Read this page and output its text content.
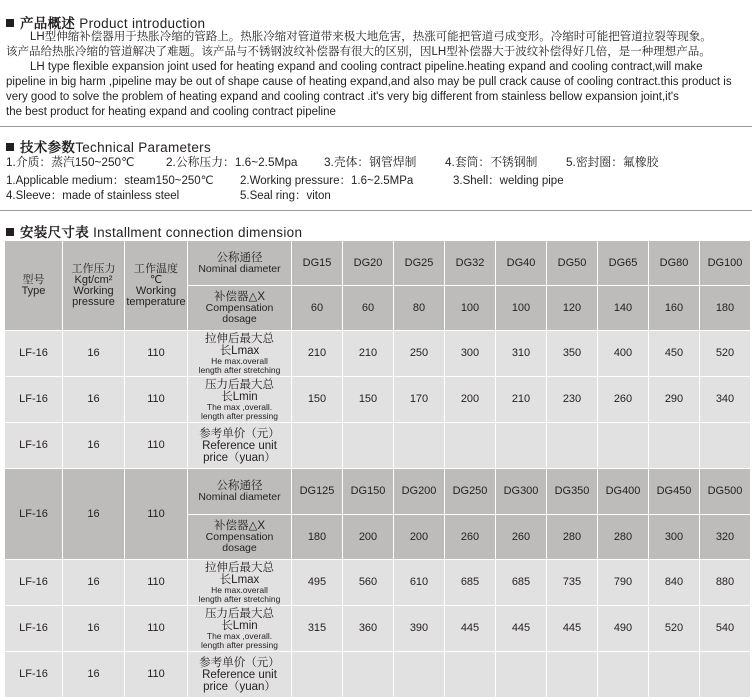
产品概述 Product introduction
LH型伸缩补偿器用于热胀冷缩的管路上。热胀冷缩对管道带来极大地危害，热涨可能把管道弓成变形。冷缩时可能把管道拉裂等现象。
该产品给热胀冷缩的管道解决了难题。该产品与不锈钢波纹补偿器有很大的区别，因LH型补偿器大于波纹补偿得好几倍，是一种理想产品。
LH type flexible expansion joint used for heating expand and cooling contract pipeline.heating expand and cooling contract,will make
pipeline in big harm ,pipeline may be out of shape cause of heating expand,and also may be pull crack cause of cooling contract.this product is
very good to solve the problem of heating expand and cooling contract .it's very big different from stainless bellow expansion joint,it's
the best product for heating expand and cooling contract pipeline
技术参数Technical Parameters
1.介质：蒸汽150~250℃	2.公称压力：1.6~2.5Mpa 3.壳体：钢管焊制 4.套筒：不锈钢制 5.密封圈：氟橡胶
1.Applicable medium：steam150~250℃ 2.Working pressure：1.6~2.5MPa	3.Shell：welding pipe
4.Sleeve：made of stainless steel	5.Seal ring：viton
安装尺寸表 Installment connection dimension
型号
Type	工作压力
Kgt/cm²
Working
pressure	工作温度
℃
Working
temperature	公称通径
Nominal diameter	DG15	DG20	DG25	DG32	DG40	DG50	DG65	DG80	DG100

			补偿器△X
Compensation
dosage	60	60	80	100	100	120	140	160	180
LF-16	16	110	拉伸后最大总
长Lmax
He max.overall
length after stretching	210	210	250	300	310	350	400	450	520
LF-16	16	110	压力后最大总
长Lmin
The max ,overall.
length after pressing	150	150	170	200	210	230	260	290	340
LF-16	16	110	参考单价（元）
Reference unit
price（yuan）									

LF-16	16	110	公称通径
Nominal diameter	DG125	DG150	DG200	DG250	DG300	DG350	DG400	DG450	DG500

			补偿器△X
Compensation
dosage	180	200	200	260	260	280	280	300	320
LF-16	16	110	拉伸后最大总
长Lmax
He max.overall
length after stretching	495	560	610	685	685	735	790	840	880
LF-16	16	110	压力后最大总
长Lmin
The max ,overall.
length after pressing	315	360	390	445	445	445	490	520	540
LF-16	16	110	参考单价（元）
Reference unit
price（yuan）									
